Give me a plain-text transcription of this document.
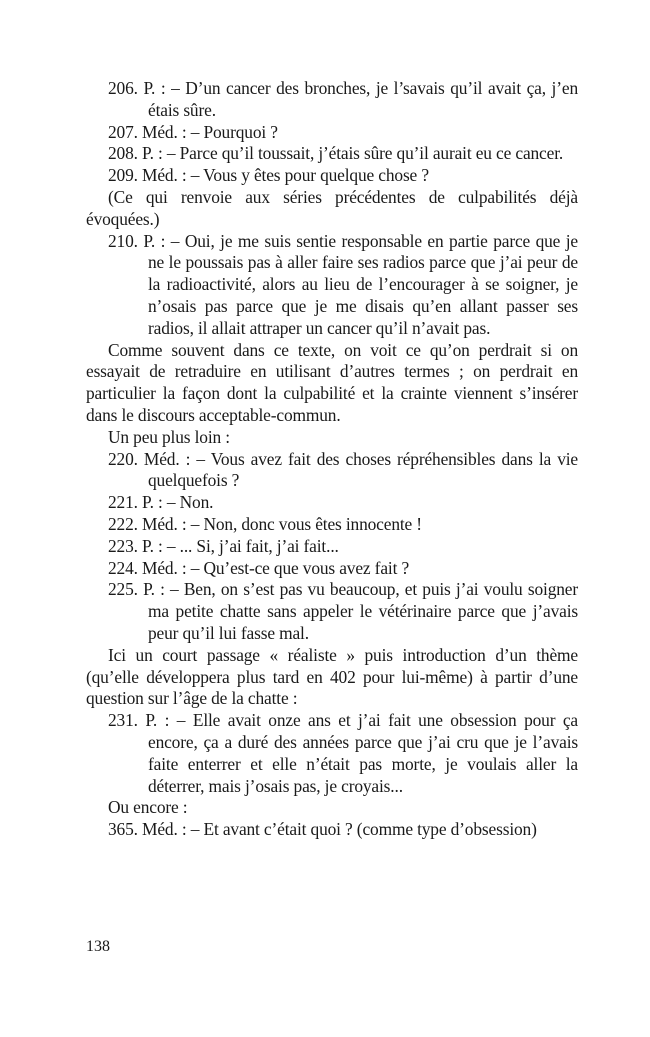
206. P. : – D’un cancer des bronches, je l’savais qu’il avait ça, j’en étais sûre.
207. Méd. : – Pourquoi ?
208. P. : – Parce qu’il toussait, j’étais sûre qu’il aurait eu ce cancer.
209. Méd. : – Vous y êtes pour quelque chose ?
(Ce qui renvoie aux séries précédentes de culpabilités déjà évoquées.)
210. P. : – Oui, je me suis sentie responsable en partie parce que je ne le poussais pas à aller faire ses radios parce que j’ai peur de la radioactivité, alors au lieu de l’encourager à se soigner, je n’osais pas parce que je me disais qu’en allant passer ses radios, il allait attraper un cancer qu’il n’avait pas.
Comme souvent dans ce texte, on voit ce qu’on perdrait si on essayait de retraduire en utilisant d’autres termes ; on perdrait en particulier la façon dont la culpabilité et la crainte viennent s’insérer dans le discours acceptable-commun.
Un peu plus loin :
220. Méd. : – Vous avez fait des choses répréhensibles dans la vie quelquefois ?
221. P. : – Non.
222. Méd. : – Non, donc vous êtes innocente !
223. P. : – ... Si, j’ai fait, j’ai fait...
224. Méd. : – Qu’est-ce que vous avez fait ?
225. P. : – Ben, on s’est pas vu beaucoup, et puis j’ai voulu soigner ma petite chatte sans appeler le vétérinaire parce que j’avais peur qu’il lui fasse mal.
Ici un court passage « réaliste » puis introduction d’un thème (qu’elle développera plus tard en 402 pour lui-même) à partir d’une question sur l’âge de la chatte :
231. P. : – Elle avait onze ans et j’ai fait une obsession pour ça encore, ça a duré des années parce que j’ai cru que je l’avais faite enterrer et elle n’était pas morte, je voulais aller la déterrer, mais j’osais pas, je croyais...
Ou encore :
365. Méd. : – Et avant c’était quoi ? (comme type d’obsession)
138
